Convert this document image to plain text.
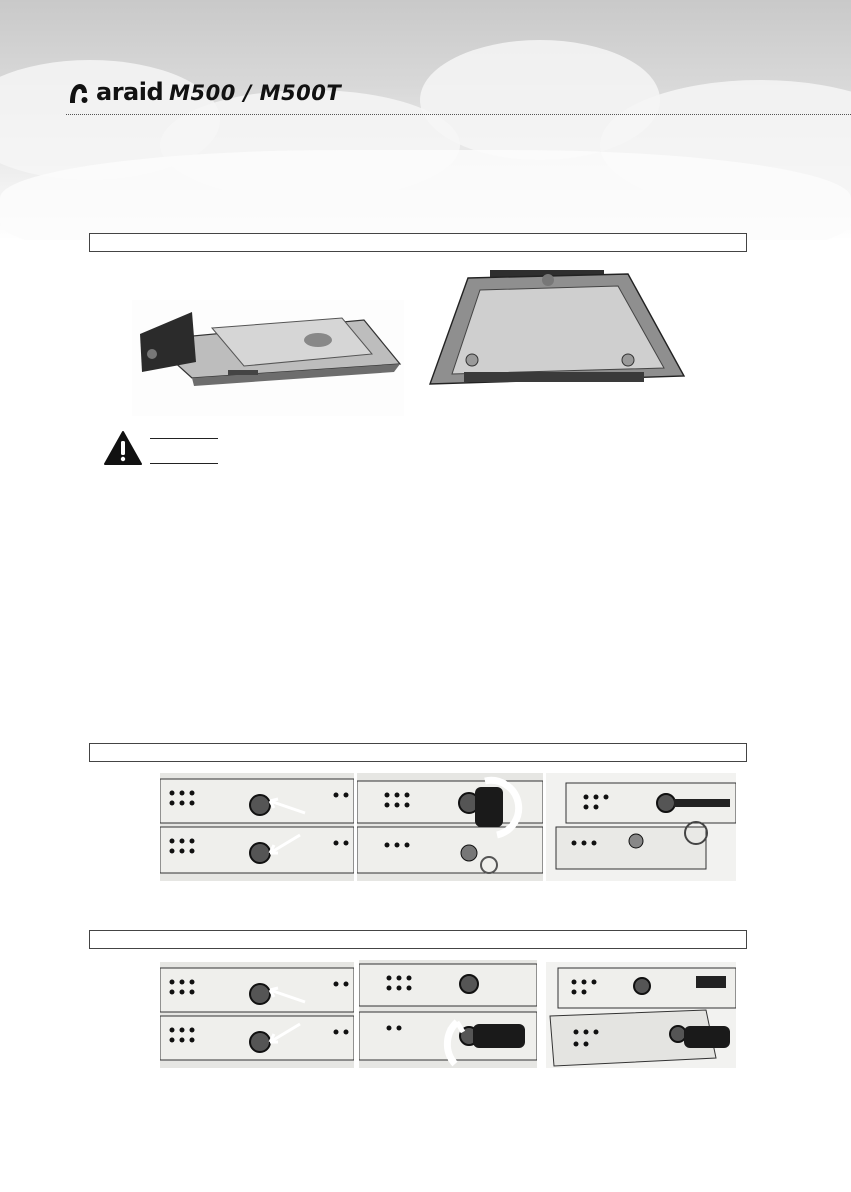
araid M500 / M500T
